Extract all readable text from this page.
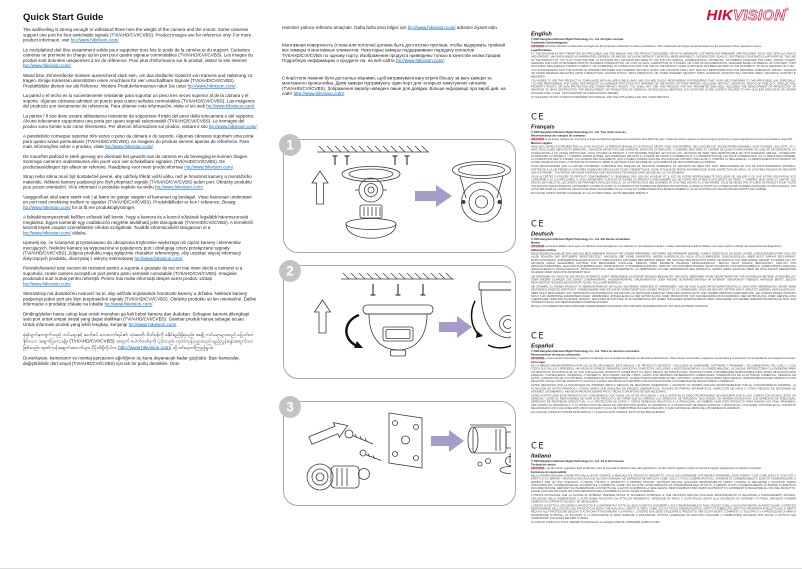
Quick Start Guide
The wall/ceiling is strong enough to withstand three mes the weight of the camera and the mount. Some cameras support one port for four switchable signals (TVI/AHD/CVI/CVBS). Product images are for reference only. For more product informaon, visit hp://www.hikvision.com/.
Le mur/plafond doit être susamment solide pour supporter trois fois le poids de la caméra et du support. Certaines caméras ne prennent en charge qu'un port pour quatre signaux commutables (TVI/AHD/CVI/CVBS). Les images du produit sont données uniquement à tre de référence. Pour plus d'informaons sur le produit, visitez le site Internet hp://www.hikvision.com/.
Wand bzw. Zimmerdecke müssen ausreichend stark sein, um das dreifache Gewicht von Kamera und Halterung zu tragen. Einige Kameras unterstützen einen Anschluss für vier umschaltbare Signale (TVI/AHD/CVI/CVBS). Produktbilder dienen nur als Referenz. Weitere Produknformaonen nden Sie unter hp://www.hikvision.com/.
La pared o el techo es lo sucientemente resistente para soportar un peso tres veces superior al de la cámara y el soporte. Algunas cámaras admiten un puerto para cuatro señales conmutables (TVI/AHD/CVI/CVBS). Las imágenes del producto son únicamente de referencia. Para obtener más información, visite el sio web hp://www.hikvision.com/.
La parete / Il soo deve essere abbastanza resistente da sopportare il triplo del peso della telecamera e del supporto. Alcune telecamere supportano una porta per quaro segnali selezionabili (TVI/AHD/CVI/CVBS). Le immagini del prodoo sono fornite solo come riferimento. Per ulteriori informazioni sul prodoo, visitare il sito hp://www.hikvision.com/.
A parede/teto consegue suportar três vezes o peso da câmara e do suporte. Algumas câmaras suportam uma porta para quatro sinais permutáveis (TVI/AHD/CVI/CVBS). As imagens do produto servem apenas de referência. Para mais informações sobre o produto, visite hp://www.hikvision.com/.
De muur/het plafond is sterk genoeg om driemaal het gewicht van de camera en de bevesging te kunnen dragen. Sommige camera's ondersteunen één poort voor vier schakelbare signalen (TVI/AHD/CVI/CVBS). De productaeeldingen zijn alleen ter referene. Raadpleeg voor meer producnformae Hp://www.hikvision.com/.
Strop nebo stěna musí být dostatečně pevné, aby udržely třikrát vyšší váhu, než je hmotnost kamery a montážního materiálu. Některé kamery podporují pro čtyři přepínací signály (TVI/AHD/CVI/CVBS) jeden port. Obrázky produktu jsou pouze orientační. Více informací o produktu najdete na webu hp://www.hikvision.com/.
Væggen/loet skal være stærk nok l at bære tre gange vægten af kameraet og beslaget. Visse kameraer understøer en port med omskining mellem re signaler (TVI/AHD/CVI/CVBS). Produktbilleder er kun l reference. Besøg hp://www.hikvision.com/ for at få ere produktoplysninger.
A falnak/mennyezetnek kellően erősnek kell lennie, hogy a kamera és a konzol súlyának legalább háromszorosát megtartsa. Egyes kamerák egy csatlakozón négyféle átváltható jelet támogatnak (TVI/AHD/CVI/CVBS). A termékről készült képek csupán szemléltetési célokat szolgálnak. További információkért látogasson el a hp://www.hikvision.com/ oldalra.
Upewnij się, że ściany/sut przystosowano do obciążenia trzykrotnie większego niż ciężar kamery i elementów mocujących. Niektóre kamery są wyposażone w pojedynczy port i obsługują cztery przełączane sygnały (TVI/AHD/CVI/CVBS). Zdjęcia produktu mają wyłącznie charakter referencyjny. Aby uzyskać więcej informacji dotyczących produktu, skorzystaj z witryny internetowej hp://www.hikvision.com/.
Peretele/tavanul este sucient de rezistent pentru a suporta o greutate de trei ori mai mare decât a camerei și a suportului. Unele camere acceptă un port pentru patru semnale comutabile (TVI/AHD/CVI/CVBS). Imaginile produsului sunt numai pentru referință. Pentru mai multe informații despre acest produs, vizitați hp://www.hikvision.com/.
Stena/strop má dostatočnú nosnosť na to, aby udržala trojnásobok hmotnosti kamery a držiaka. Niektoré kamery podporujú jeden port pre štyri prepínateľné signály (TVI/AHD/CVI/CVBS). Obrázky produktu sú len orientačné. Ďalšie informácie o produkte získate na lokalite hp://www.hikvision.com/.
Dinding/plafon harus cukup kuat untuk menahan ga kali bobot kamera dan dudukan. Sebagian kamera dilengkapi satu port untuk empat sinyal yang dapat dialihkan (TVI/AHD/CVI/CVBS). Gambar produk hanya sebagai acuan. Untuk informasi produk yang lebih lengkap, kunjungi hp://www.hikvision.com/.
နံရံ/မျက်နှာကျက်သည် ကင်မရာနှင့် ဆက်စပ် ဘေးလက်ရမ်း၏ သုံးဆတိုး ဝိတ်ဝန်ကို ခံနိုင်ရည်ရှိရမည်။ အချို့ ကင်မရာများသည် ပြောင်းလဲနိုင်သော အချက်ပြလေးမျိုး (TVI/AHD/CVI/CVBS) အတွက် ပေါက်တစ်ခုကို ပံ့ပိုးသည်။ ထုတ်ကုန်ပုံများသည် ရည်ညွှန်းရန်အတွက်သာ ဖြစ်သည်။ ထုတ်ကုန်အချက်အလက်များ ပိုမိုသိရှိလိုပါက http://www.hikvision.com/ သို့ ဝင်ရောက်ကြည့်ရှုပါ။
Duvar/tavan, kameranın ve montaj parçasının ağırlığının üç kana dayanacak kadar güçlüdür. Bazı kameralar, değiştirilebilir dört sinyal (TVI/AHD/CVI/CVBS) için tek bir portu destekler. Ürün
resimleri yalnıca referans amaçlıdır. Daha fazla ürün bilgisi için hp://www.hikvision.com/ adresini ziyaret edin.
Монтажная поверхность (стена или потолок) должна быть достаточно прочная, чтобы выдержать тройной вес камеры и монтажных элементов. Некоторые камеры поддерживают передачу сигналов TVI/AHD/CVI/CVBS по одному порту. Изображения продукта приведены только в качестве иллюстрации. Подробную информацию о продукте см. на веб-сайте hp://www.hikvision.com/.
Стіна/стеля повинні бути достатньо міцними, щоб витримувати вагу втричі більшу за вагу камери та монтажного кронштейна. Деякі камери підтримують один порт для чотирьох комутуючих сигналів (TVI/AHD/CVI/CVBS). Зображення виробу наведені лише для довідки. Більше інформації про виріб див. на сайті http://www.hikvision.com/.
1
2
3
HIKVISION®
English
© 2020 Hangzhou Hikvision Digital Technology Co., Ltd. All rights reserved.
Trademarks Acknowledgment
HIKVISION and other Hikvision's trademarks and logos are the properties of Hikvision in various jurisdictions. Other trademarks and logos mentioned below are the properties of their respective owners.
Legal Disclaimer
TO THE MAXIMUM EXTENT PERMITTED BY APPLICABLE LAW, THE MANUAL AND THE PRODUCT DESCRIBED, WITH ITS HARDWARE, SOFTWARE AND FIRMWARE, ARE PROVIDED "AS IS" AND "WITH ALL FAULTS AND ERRORS". HIKVISION MAKES NO WARRANTIES, EXPRESS OR IMPLIED, INCLUDING WITHOUT LIMITATION, MERCHANTABILITY, SATISFACTORY QUALITY, OR FITNESS FOR A PARTICULAR PURPOSE. THE USE OF THE PRODUCT BY YOU IS AT YOUR OWN RISK. IN NO EVENT WILL HIKVISION BE LIABLE TO YOU FOR ANY SPECIAL, CONSEQUENTIAL, INCIDENTAL, OR INDIRECT DAMAGES, INCLUDING, AMONG OTHERS, DAMAGES FOR LOSS OF BUSINESS PROFITS, BUSINESS INTERRUPTION, OR LOSS OF DATA, CORRUPTION OF SYSTEMS, OR LOSS OF DOCUMENTATION, WHETHER BASED ON BREACH OF CONTRACT, TORT (INCLUDING NEGLIGENCE), PRODUCT LIABILITY, OR OTHERWISE, IN CONNECTION WITH THE USE OF THE PRODUCT, EVEN IF HIKVISION HAS BEEN ADVISED OF THE POSSIBILITY OF SUCH DAMAGES OR LOSS.
YOU ACKNOWLEDGE THAT THE NATURE OF INTERNET PROVIDES FOR INHERENT SECURITY RISKS, AND HIKVISION SHALL NOT TAKE ANY RESPONSIBILITIES FOR ABNORMAL OPERATION, PRIVACY LEAKAGE OR OTHER DAMAGES RESULTING FROM CYBER-ATTACK, HACKER ATTACK, VIRUS INSPECTION, OR OTHER INTERNET SECURITY RISKS; HOWEVER, HIKVISION WILL PROVIDE TIMELY TECHNICAL SUPPORT IF REQUIRED.
YOU AGREE TO USE THIS PRODUCT IN COMPLIANCE WITH ALL APPLICABLE LAWS, AND YOU ARE SOLELY RESPONSIBLE FOR ENSURING THAT YOUR USE CONFORMS TO THE APPLICABLE LAW. ESPECIALLY, YOU ARE RESPONSIBLE, FOR USING THIS PRODUCT IN A MANNER THAT DOES NOT INFRINGE ON THE RIGHTS OF THIRD PARTIES, INCLUDING WITHOUT LIMITATION, RIGHTS OF PUBLICITY, INTELLECTUAL PROPERTY RIGHTS, OR DATA PROTECTION AND OTHER PRIVACY RIGHTS. YOU SHALL NOT USE THIS PRODUCT FOR ANY PROHIBITED END-USES, INCLUDING THE DEVELOPMENT OR PRODUCTION OF WEAPONS OF MASS DESTRUCTION, THE DEVELOPMENT OR PRODUCTION OF CHEMICAL OR BIOLOGICAL WEAPONS, ANY ACTIVITIES IN THE CONTEXT RELATED TO ANY NUCLEAR EXPLOSIVE OR UNSAFE NUCLEAR FUEL-CYCLE, OR IN SUPPORT OF HUMAN RIGHTS ABUSES.
IN THE EVENT OF ANY CONFLICTS BETWEEN THIS MANUAL AND THE APPLICABLE LAW, THE LATER PREVAILS.
CE
Français
© 2020 Hangzhou Hikvision Digital Technology Co., Ltd. Tous droits réservés.
Reconnaissance des marques de commerce
HIKVISION et les autres marques de commerce et logos de Hikvision appartiennent à Hikvision dans différents pays. Toutes les autres marques et tous les logos mentionnés ci-après appartiennent à leurs propriétaires respectifs.
Mentions légales
DANS LES LIMITES AUTORISÉES PAR LA LOI EN VIGUEUR, LE PRÉSENT MANUEL ET LE PRODUIT DÉCRIT, AVEC SON MATÉRIEL, SES LOGICIELS ET SES MICROPROGRAMMES, SONT FOURNIS « EN L'ÉTAT » ET « AVEC TOUS LEURS DÉFAUTS ET ERREURS ». HIKVISION NE FAIT AUCUNE GARANTIE, EXPLICITE OU IMPLICITE, Y COMPRIS, MAIS SANS S'Y LIMITER, DE QUALITÉ MARCHANDE, DE QUALITÉ SATISFAISANTE, OU D'ADÉQUATION À UN USAGE PARTICULIER. VOUS UTILISEZ LE PRODUIT À VOS PROPRES RISQUES. EN AUCUN CAS, HIKVISION NE SERA TENU RESPONSABLE DE TOUT DOMMAGE SPÉCIAL, CONSÉCUTIF, ACCESSOIRE OU INDIRECT, Y COMPRIS, ENTRE AUTRES, LES DOMMAGES RELATIFS À LA PERTE DE PROFITS COMMERCIAUX, À L'INTERRUPTION DE L'ACTIVITÉ COMMERCIALE, OU LA PERTE DES DONNÉES, LA CORRUPTION DES SYSTÈMES, OU LA PERTE DES DOCUMENTS, QU'ILS SOIENT FONDÉS SUR UNE VIOLATION DE CONTRAT, UNE FAUTE (Y COMPRIS LA NÉGLIGENCE), LA RESPONSABILITÉ DU PRODUIT OU AUTRE, EN RELATION AVEC L'UTILISATION DU PRODUIT, MÊME SI HIKVISION A ÉTÉ INFORMÉ DE LA POSSIBILITÉ DE TELS DOMMAGES OU PERTES.
VOUS RECONNAISSEZ QUE LA NATURE D'INTERNET COMPORTE DES RISQUES DE SÉCURITÉ INHÉRENTS, ET HIKVISION NE SERA PAS TENU RESPONSABLE EN CAS DE FONCTIONNEMENT ANORMAL, D'ATTEINTE À LA VIE PRIVÉE OU D'AUTRES DOMMAGES DÉCOULANT D'UNE CYBERATTAQUE, D'UNE ATTAQUE DE PIRATE INFORMATIQUE, D'UNE INSPECTION DE VIRUS, OU D'AUTRES RISQUES DE SÉCURITÉ LIÉS À INTERNET ; TOUTEFOIS, HIKVISION FOURNIRA UNE ASSISTANCE TECHNIQUE DANS LES DÉLAIS, LE CAS ÉCHÉANT.
VOUS ACCEPTEZ D'UTILISER CE PRODUIT CONFORMÉMENT À L'ENSEMBLE DES LOIS EN VIGUEUR, ET IL EST DE VOTRE RESPONSABILITÉ EXCLUSIVE DE VEILLER À CE QUE VOTRE UTILISATION SOIT CONFORME À LA LOI APPLICABLE. IL VOUS APPARTIENT SURTOUT D'UTILISER CE PRODUIT D'UNE MANIÈRE QUI NE PORTE PAS ATTEINTE AUX DROITS DE TIERS, Y COMPRIS, MAIS SANS S'Y LIMITER, LES DROITS DE PUBLICITÉ, LES DROITS DE PROPRIÉTÉ INTELLECTUELLE, OU LA PROTECTION DES DONNÉES ET D'AUTRES DROITS À LA VIE PRIVÉE. VOUS NE DEVEZ PAS UTILISER CE PRODUIT POUR TOUTE UTILISATION FINALE INTERDITE, NOTAMMENT LA MISE AU POINT OU LA PRODUCTION D'ARMES DE DESTRUCTION MASSIVE, LA MISE AU POINT OU LA FABRICATION D'ARMES CHIMIQUES OU BIOLOGIQUES, LES ACTIVITÉS DANS LE CONTEXTE LIÉ AUX EXPLOSIFS NUCLÉAIRES OU AU CYCLE DU COMBUSTIBLE NUCLÉAIRE DANGEREUX, OU EN SOUTIEN AUX VIOLATIONS DES DROITS DE L'HOMME.
EN CAS DE CONFLIT ENTRE CE MANUEL ET LA LOI APPLICABLE, CETTE DERNIÈRE PRÉVAUT.
CE
Deutsch
© 2020 Hangzhou Hikvision Digital Technology Co., Ltd. Alle Rechte vorbehalten.
Marken
HIKVISION und andere Marken und Logos von Hikvision sind das Eigentum von Hikvision in verschiedenen Ländern. Andere nachstehend erwähnte Marken und Logos stehen im Besitz der entsprechenden Eigentümer.
Haftungsausschluss
DIESE BEDIENUNGSANLEITUNG UND DAS BESCHRIEBENE PRODUKT MIT SEINER HARDWARE, SOFTWARE UND FIRMWARE WERDEN, SOWEIT GESETZLICH ZULÄSSIG, IN DER „VORLIEGENDEN FORM" UND „MIT ALLEN FEHLERN UND IRRTÜMERN" BEREITGESTELLT. HIKVISION GIBT KEINE GARANTIEN, WEDER AUSDRÜCKLICH NOCH STILLSCHWEIGEND, EINSCHLIESSLICH, ABER NICHT DARAUF BESCHRÄNKT, MARKTGÄNGIGKEIT, ZUFRIEDENSTELLENDE QUALITÄT ODER EIGNUNG FÜR EINEN BESTIMMTEN ZWECK. DIE NUTZUNG DES PRODUKTS DURCH SIE ERFOLGT AUF IHRE EIGENE GEFAHR. IN KEINEM FALL IST HIKVISION IHNEN GEGENÜBER HAFTBAR FÜR BESONDERE, ZUFÄLLIGE, DIREKTE ODER INDIREKTE SCHÄDEN, EINSCHLIESSLICH, JEDOCH NICHT DARAUF BESCHRÄNKT, VERLUST VON GESCHÄFTSGEWINNEN, GESCHÄFTSUNTERBRECHUNG, DATENVERLUST, SYSTEMBESCHÄDIGUNG, VERLUST VON DOKUMENTATIONEN, SEI ES AUFGRUND VON VERTRAGSBRUCH, UNERLAUBTER HANDLUNG (EINSCHLIESSLICH FAHRLÄSSIGKEIT), PRODUKTHAFTUNG ODER ANDERWEITIG, IN VERBINDUNG MIT DER VERWENDUNG DES PRODUKTS, SELBST WENN HIKVISION ÜBER DIE MÖGLICHKEIT DERARTIGER SCHÄDEN ODER VERLUSTE INFORMIERT WAR.
SIE ERKENNEN AN, DASS DIE NATUR DES INTERNETS DAMIT VERBUNDENE SICHERHEITSRISIKEN BEINHALTET. HIKVISION ÜBERNIMMT KEINE VERANTWORTUNG FÜR ANORMALEN BETRIEB, DATENVERLUST ODER ANDERE SCHÄDEN, DIE DURCH CYBERANGRIFFE, HACKERANGRIFFE, VIRUSINFEKTION ODER ANDERE SICHERHEITSRISIKEN IM INTERNET VERURSACHT WERDEN; HIKVISION BIETET JEDOCH RECHTZEITIGE TECHNISCHE UNTERSTÜTZUNG, FALLS ERFORDERLICH.
SIE STIMMEN ZU, DIESES PRODUKT IN ÜBEREINSTIMMUNG MIT ALLEN GELTENDEN GESETZEN ZU VERWENDEN, UND SIE SIND ALLEIN DAFÜR VERANTWORTLICH, DASS IHRE VERWENDUNG GEGEN KEINE GELTENDEN GESETZE VERSTÖSST. INSBESONDERE SIND SIE DAFÜR VERANTWORTLICH, DIESES PRODUKT SO ZU VERWENDEN, DASS DIE RECHTE DRITTER NICHT VERLETZT WERDEN, EINSCHLIESSLICH, ABER NICHT BESCHRÄNKT AUF VERÖFFENTLICHUNGSRECHTE, DIE RECHTE AN GEISTIGEM EIGENTUM ODER DEN DATENSCHUTZ UND ANDERE PERSÖNLICHKEITSRECHTE. SIE DÜRFEN DIESES PRODUKT NICHT FÜR VERBOTENE ENDANWENDUNGEN VERWENDEN, EINSCHLIESSLICH DER ENTWICKLUNG ODER PRODUKTION VON MASSENVERNICHTUNGSWAFFEN, DER ENTWICKLUNG ODER HERSTELLUNG CHEMISCHER ODER BIOLOGISCHER WAFFEN, JEGLICHER AKTIVITÄTEN IM ZUSAMMENHANG MIT EINEM NUKLEAREN SPRENGKÖRPER ODER UNSICHEREN NUKLEAREN BRENNSTOFFKREISLAUF BZW. ZUR UNTERSTÜTZUNG VON MENSCHENRECHTSVERLETZUNGEN.
IM FALL VON WIDERSPRÜCHEN ZWISCHEN DIESER BEDIENUNGSANLEITUNG UND DEM GELTENDEN RECHT GILT DER LETZTERE VORRANG.
CE
Español
© 2020 Hangzhou Hikvision Digital Technology Co., Ltd. Todos los derechos reservados.
Reconocimiento de marcas comerciales
HIKVISION y otras marcas comerciales y logotipos de Hikvision son propiedad de Hikvision en diferentes jurisdicciones. Otras marcas comerciales y logotipos mencionados a continuación son propiedad de sus respectivos dueños.
Aviso legal
EN LA MEDIDA MÁXIMA PERMITIDA POR LAS LEYES APLICABLES, ESTE MANUAL Y EL PRODUCTO DESCRITO —INCLUIDOS SU HARDWARE, SOFTWARE Y FIRMWARE— SE SUMINISTRAN «TAL CUAL» Y «CON TODOS SUS FALLOS Y ERRORES». HIKVISION NO OFRECE GARANTÍAS, EXPLÍCITAS O IMPLÍCITAS, INCLUIDAS, A MODO ENUNCIATIVO, LA COMERCIABILIDAD, LA CALIDAD SATISFACTORIA O LA IDONEIDAD PARA UN PROPÓSITO EN PARTICULAR. EL USO QUE HAGA DEL PRODUCTO CORRE BAJO SU ÚNICO RIESGO. EN NINGÚN CASO, HIKVISION PODRÁ CONSIDERARSE RESPONSABLE ANTE USTED DE NINGÚN DAÑO ESPECIAL, CONSECUENTE, INCIDENTAL O INDIRECTO, INCLUYENDO, ENTRE OTROS, DAÑOS POR PÉRDIDAS DE BENEFICIOS COMERCIALES, INTERRUPCIÓN DE LA ACTIVIDAD COMERCIAL, PÉRDIDAS DE DATOS, CORRUPCIÓN DE LOS SISTEMAS O PÉRDIDAS DE DOCUMENTACIÓN, YA SEAN POR INCUMPLIMIENTO DEL CONTRATO, AGRAVIO (INCLUYENDO NEGLIGENCIA), RESPONSABILIDAD DEL PRODUCTO O EN RELACIÓN CON EL USO DEL PRODUCTO, INCLUSO CUANDO HIKVISION HAYA RECIBIDO UNA NOTIFICACIÓN DE LA POSIBILIDAD DE DICHOS DAÑOS O PÉRDIDAS.
USTED RECONOCE QUE LA NATURALEZA DE INTERNET IMPLICA RIESGOS DE SEGURIDAD INHERENTES Y HIKVISION NO TENDRÁ NINGUNA RESPONSABILIDAD POR EL FUNCIONAMIENTO ANORMAL, LA FILTRACIÓN DE DATOS PRIVADOS U OTROS DAÑOS QUE RESULTEN DE ATAQUES CIBERNÉTICOS, ATAQUES DE PIRATAS INFORMÁTICOS, INSPECCIÓN DE VIRUS U OTROS RIESGOS DE SEGURIDAD DE INTERNET; SIN EMBARGO, HIKVISION PROPORCIONARÁ APOYO TÉCNICO OPORTUNO DE SER NECESARIO.
USTED ACEPTA USAR ESTE PRODUCTO DE CONFORMIDAD CON TODAS LAS LEYES APLICABLES Y SOLO USTED ES EL ÚNICO RESPONSABLE DE ASEGURAR QUE EL USO CUMPLA CON DICHAS LEYES. EN ESPECIAL, USTED ES RESPONSABLE DE USAR ESTE PRODUCTO DE FORMA QUE NO INFRINJA LOS DERECHOS DE TERCEROS, INCLUYENDO, DE MANERA ENUNCIATIVA, LOS DERECHOS DE PUBLICIDAD, DERECHOS DE PROPIEDAD INTELECTUAL, O LA PROTECCIÓN DE DATOS Y OTROS DERECHOS RELATIVOS A LA PRIVACIDAD. NO DEBERÁ USAR ESTE PRODUCTO PARA NINGÚN USO FINAL PROHIBIDO, INCLUYENDO EL DESARROLLO O LA PRODUCCIÓN DE ARMAS DE DESTRUCCIÓN MASIVA, EL DESARROLLO O PRODUCCIÓN DE ARMAS QUÍMICAS O BIOLÓGICAS, CUALQUIER ACTIVIDAD EN EL CONTEXTO RELACIONADO CON CUALQUIER EXPLOSIVO NUCLEAR O CICLO DE COMBUSTIBLE NUCLEAR INSEGURO, O QUE SUPONGA EL ABUSO DE LOS DERECHOS HUMANOS.
EN CASO DE CONFLICTO ENTRE ESTE MANUAL Y LA LEGISLACIÓN VIGENTE, ESTA ÚLTIMA PREVALECERÁ.
CE
Italiano
© 2020 Hangzhou Hikvision Digital Technology Co., Ltd. Tui di dirii riservati.
Titolarità dei marchi
HIKVISION e gli altri marchi registrati e loghi di Hikvision sono di proprietà di Hikvision nelle varie giurisdizioni. Gli altri marchi registrati e loghi menzionati di seguito appartengono ai rispettivi proprietari.
Esclusione di responsabilità
NELLA MISURA MASSIMA CONSENTITA DALLA LEGGE VIGENTE, IL MANUALE E IL PRODOTTO DESCRITTO, CON IL SUO HARDWARE, SOFTWARE E FIRMWARE, SONO FORNITI "COSÌ COME SONO" E "CON TUTTI I DIFETTI E GLI ERRORI". HIKVISION NON RILASCIA ALCUNA GARANZIA, NÉ ESPRESSA NÉ IMPLICITA COME, SOLO A TITOLO ESEMPLIFICATIVO, GARANZIE DI COMMERCIABILITÀ, QUALITÀ SODDISFACENTE O IDONEITÀ PER UN USO SPECIFICO. L'UTENTE UTILIZZA IL PRODOTTO A PROPRIO RISCHIO. HIKVISION DECLINA QUALSIASI RESPONSABILITÀ VERSO L'UTENTE IN RELAZIONE A QUALSIASI DANNO STRAORDINARIO, CONSEQUENZIALE, ACCIDENTALE O INDIRETTO, COME, TRA GLI ALTRI, DANNI DERIVANTI DA INTERRUZIONE DELL'ATTIVITÀ, O PERDITA DI DATI, DANNEGGIAMENTO DI SISTEMI O PERDITA DI DOCUMENTAZIONE, DERIVANTI DA INADEMPIENZA CONTRATTUALE, ILLECITO (COMPRESA LA NEGLIGENZA), RESPONSABILITÀ PER DANNO DA PRODOTTI O ALTRIMENTI IN RELAZIONE ALL'USO DEL PRODOTTO, ANCHE QUALORA HIKVISION SIA STATA INFORMATA DELLA POSSIBILITÀ DI TALI DANNI O PERDITE.
L'UTENTE RICONOSCE CHE LA NATURA DI INTERNET PREVEDE RISCHI DI SICUREZZA INTRINSECI E CHE HIKVISION DECLINA QUALSIASI RESPONSABILITÀ IN RELAZIONE A FUNZIONAMENTI ANOMALI, VIOLAZIONE DELLA RISERVATEZZA O ALTRI DANNI RISULTANTI DA ATTACCHI INFORMATICI, INFEZIONE DA VIRUS O ALTRI RISCHI LEGATI ALLA SICUREZZA SU INTERNET; TUTTAVIA, HIKVISION FORNIRÀ TEMPESTIVO SUPPORTO TECNICO, SE NECESSARIO.
L'UTENTE ACCETTA DI UTILIZZARE IL PRODOTTO IN CONFORMITÀ A TUTTE LE LEGGI VIGENTI E DI ESSERE IL SOLO RESPONSABILE DI TALE UTILIZZO E DELLA SUA CONFORMITÀ. IN PARTICOLARE, L'UTENTE È RESPONSABILE DELL'UTILIZZO DEL PRODOTTO IN MODO CHE NON VIOLI I DIRITTI DI TERZI, COME, SOLO A TITOLO ESEMPLIFICATIVO, DIRITTI DI PUBBLICITÀ, DIRITTI DI PROPRIETÀ INTELLETTUALE O DIRITTI RELATIVI ALLA PROTEZIONE DEI DATI E ALTRI DIRITTI RIGUARDANTI LA PRIVACY. L'UTENTE NON DEVE UTILIZZARE IL PRODOTTO PER SCOPI VIETATI, COMPRESI LO SVILUPPO O LA PRODUZIONE DI ARMI DI DISTRUZIONE DI MASSA, LO SVILUPPO O LA PRODUZIONE DI ARMI CHIMICHE O BIOLOGICHE, ATTIVITÀ CORRELATE AD ESPLOSIVI NUCLEARI O COMBUSTIBILI NUCLEARI NON SICURI O ATTIVITÀ CHE COMPORTINO VIOLAZIONI DEI DIRITTI UMANI.
IN CASO DI CONFLITTO TRA IL PRESENTE MANUALE E LA LEGGE VIGENTE, PREVARRÀ QUEST'ULTIMA.
